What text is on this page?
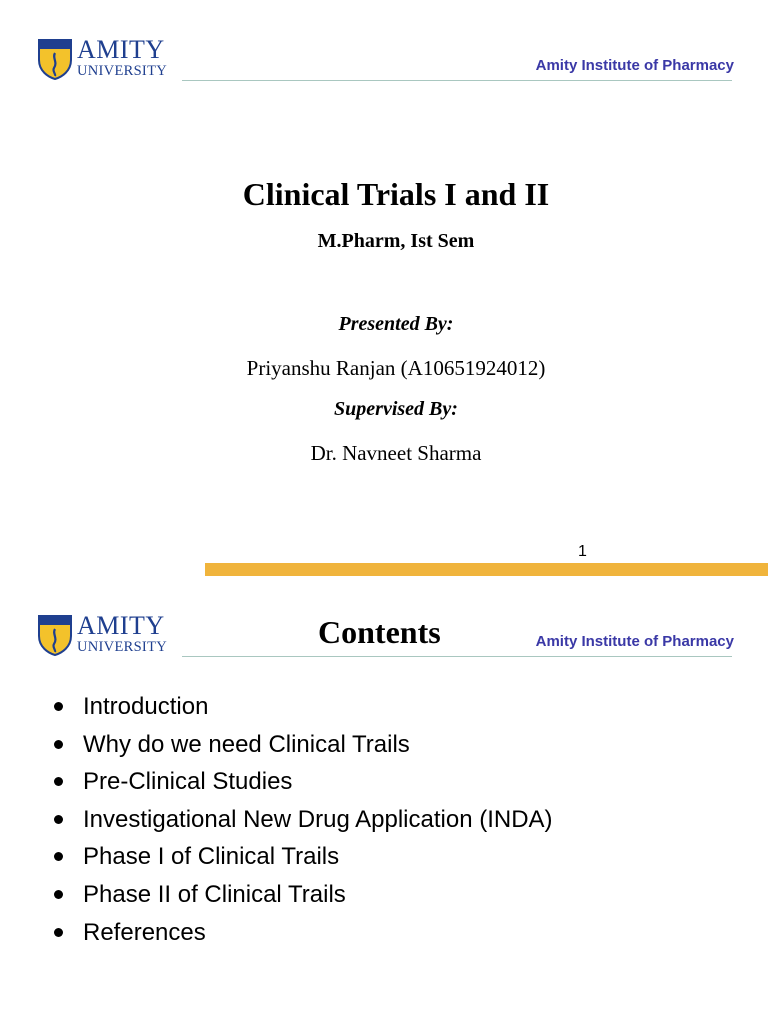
AMITY
UNIVERSITY	Amity Institute of Pharmacy
Clinical Trials I and II
M.Pharm, Ist Sem
Presented By:
Priyanshu Ranjan (A10651924012)
Supervised By:
Dr. Navneet Sharma
1
AMITY
UNIVERSITY	Contents	Amity Institute of Pharmacy
Introduction
Why do we need Clinical Trails
Pre-Clinical Studies
Investigational New Drug Application (INDA)
Phase I of Clinical Trails
Phase II of Clinical Trails
References
